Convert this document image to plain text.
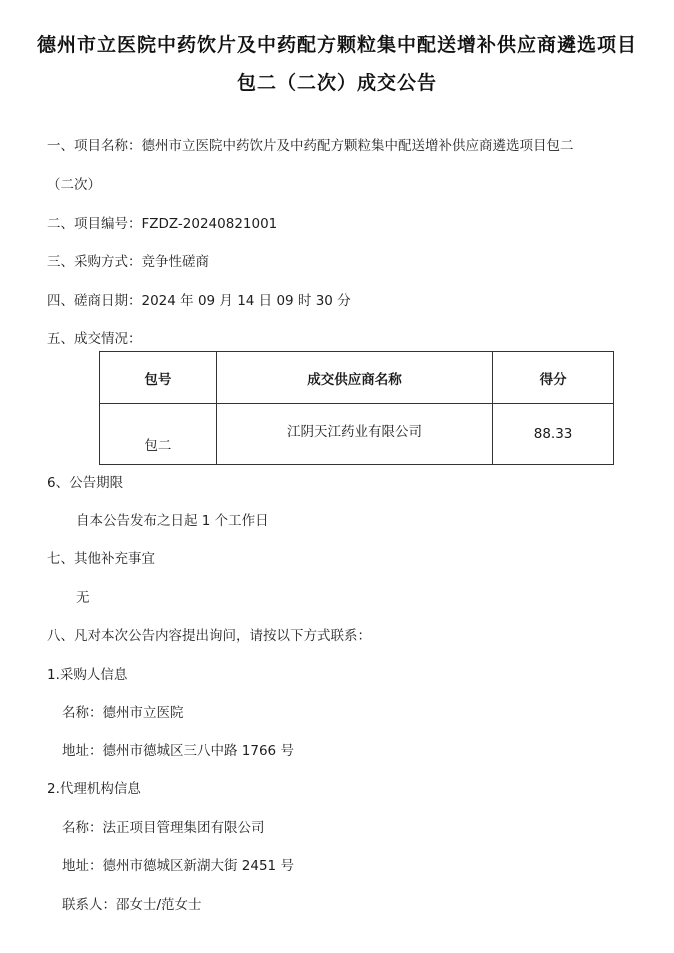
德州市立医院中药饮片及中药配方颗粒集中配送增补供应商遴选项目
包二（二次）成交公告
一、项目名称：德州市立医院中药饮片及中药配方颗粒集中配送增补供应商遴选项目包二
（二次）
二、项目编号：FZDZ-20240821001
三、采购方式：竞争性磋商
四、磋商日期：2024 年 09 月 14 日 09 时 30 分
五、成交情况：
包号	成交供应商名称	得分
包二	江阴天江药业有限公司	88.33
6、公告期限
自本公告发布之日起 1 个工作日
七、其他补充事宜
无
八、凡对本次公告内容提出询问，请按以下方式联系：
1.采购人信息
名称：德州市立医院
地址：德州市德城区三八中路 1766 号
2.代理机构信息
名称：法正项目管理集团有限公司
地址：德州市德城区新湖大街 2451 号
联系人：邵女士/范女士
